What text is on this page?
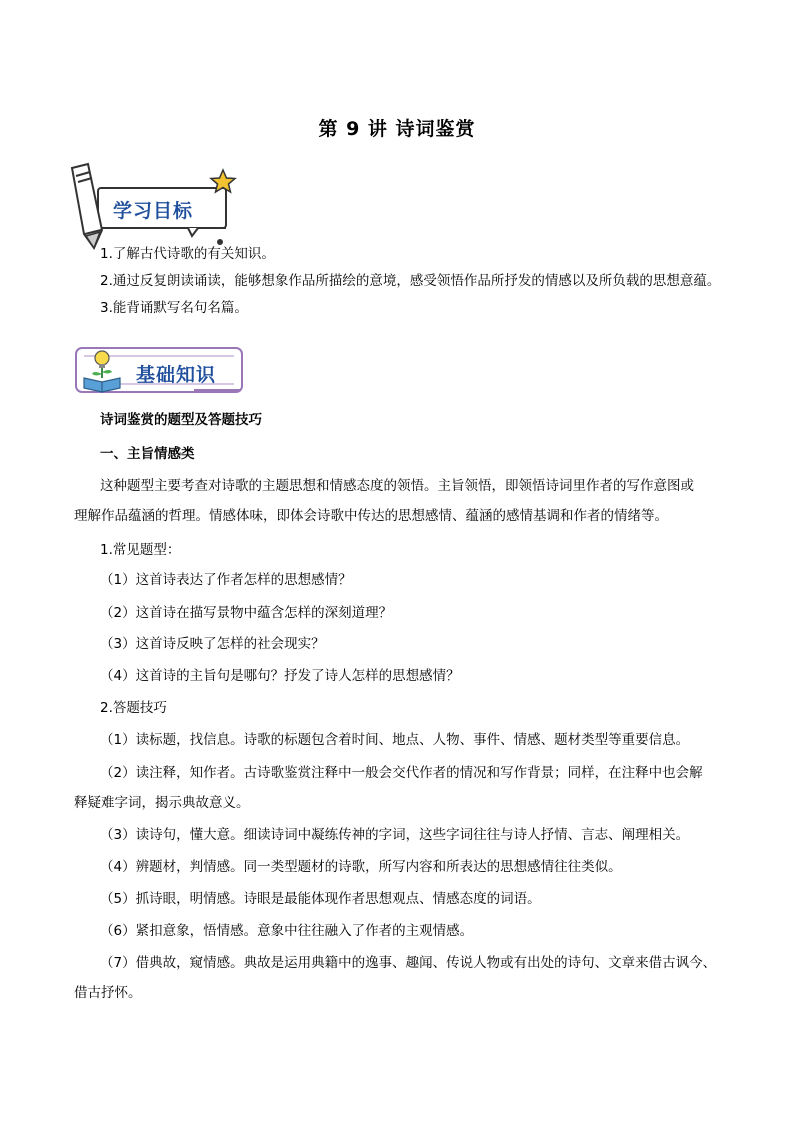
第 9 讲 诗词鉴赏
学习目标
1.了解古代诗歌的有关知识。
2.通过反复朗读诵读，能够想象作品所描绘的意境，感受领悟作品所抒发的情感以及所负载的思想意蕴。
3.能背诵默写名句名篇。
基础知识
诗词鉴赏的题型及答题技巧
一、主旨情感类
这种题型主要考查对诗歌的主题思想和情感态度的领悟。主旨领悟，即领悟诗词里作者的写作意图或
理解作品蕴涵的哲理。情感体味，即体会诗歌中传达的思想感情、蕴涵的感情基调和作者的情绪等。
1.常见题型：
（1）这首诗表达了作者怎样的思想感情？
（2）这首诗在描写景物中蕴含怎样的深刻道理？
（3）这首诗反映了怎样的社会现实？
（4）这首诗的主旨句是哪句？抒发了诗人怎样的思想感情？
2.答题技巧
（1）读标题，找信息。诗歌的标题包含着时间、地点、人物、事件、情感、题材类型等重要信息。
（2）读注释，知作者。古诗歌鉴赏注释中一般会交代作者的情况和写作背景；同样，在注释中也会解
释疑难字词，揭示典故意义。
（3）读诗句，懂大意。细读诗词中凝练传神的字词，这些字词往往与诗人抒情、言志、阐理相关。
（4）辨题材，判情感。同一类型题材的诗歌，所写内容和所表达的思想感情往往类似。
（5）抓诗眼，明情感。诗眼是最能体现作者思想观点、情感态度的词语。
（6）紧扣意象，悟情感。意象中往往融入了作者的主观情感。
（7）借典故，窥情感。典故是运用典籍中的逸事、趣闻、传说人物或有出处的诗句、文章来借古讽今、
借古抒怀。
